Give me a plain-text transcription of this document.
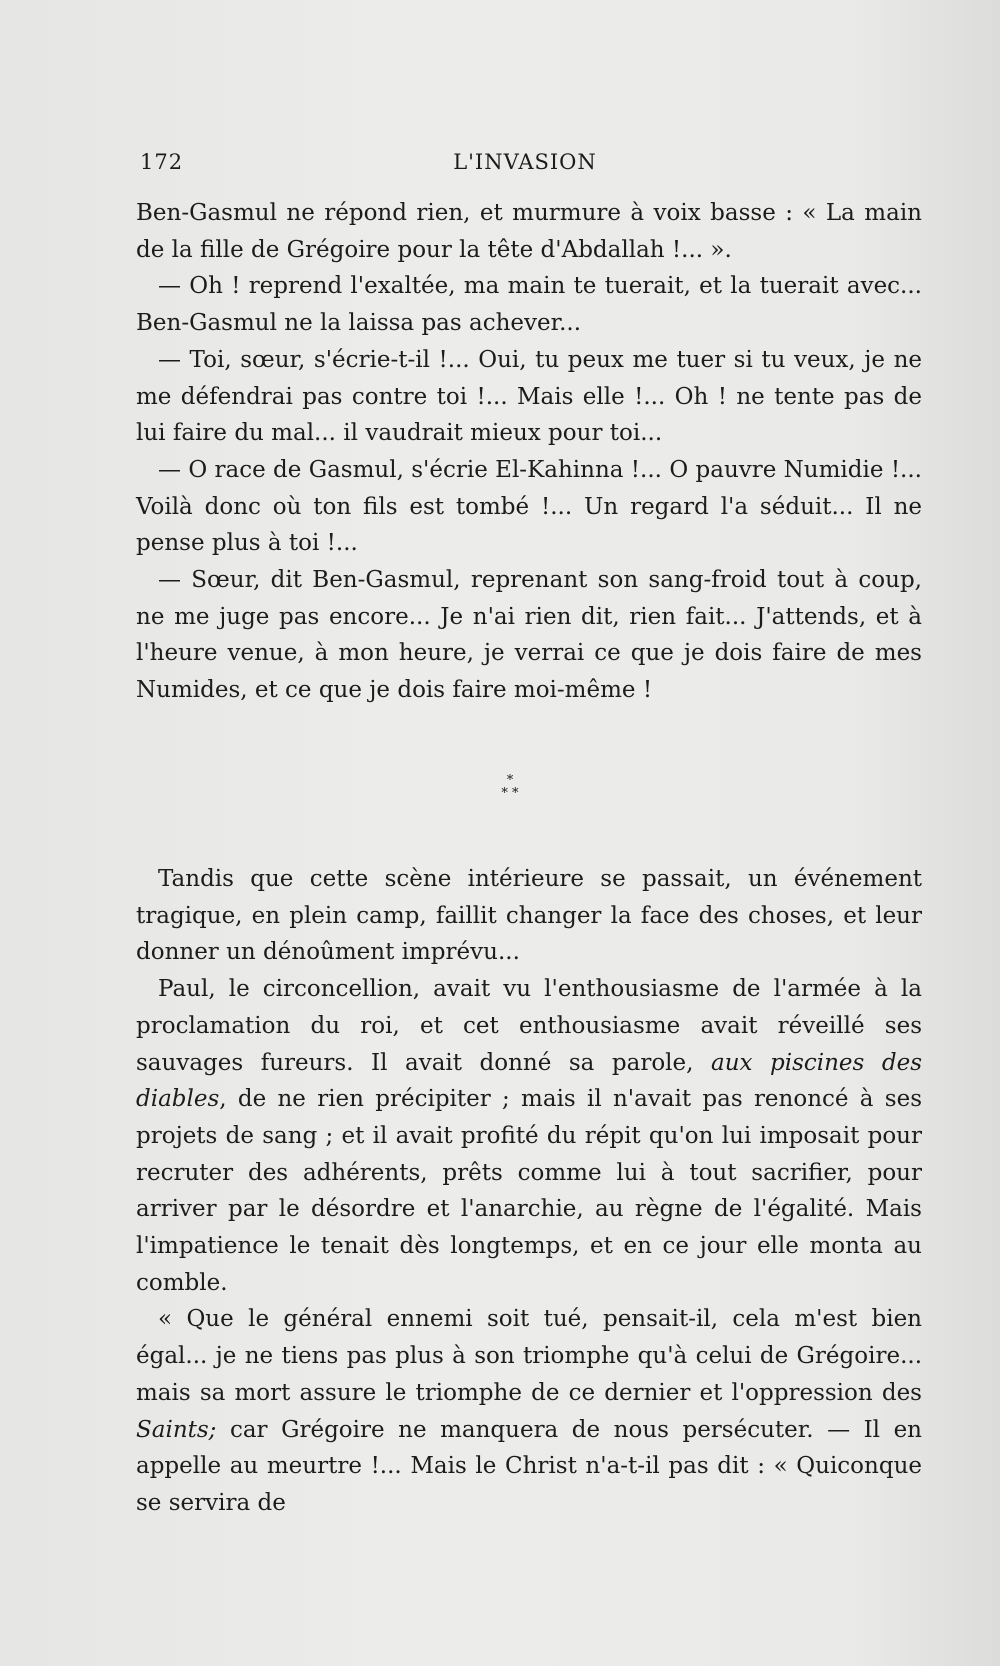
172	L'INVASION

Ben-Gasmul ne répond rien, et murmure à voix basse : « La main de la fille de Grégoire pour la tête d'Abdallah !... ».

— Oh ! reprend l'exaltée, ma main te tuerait, et la tuerait avec... Ben-Gasmul ne la laissa pas achever...

— Toi, sœur, s'écrie-t-il !... Oui, tu peux me tuer si tu veux, je ne me défendrai pas contre toi !... Mais elle !... Oh ! ne tente pas de lui faire du mal... il vaudrait mieux pour toi...

— O race de Gasmul, s'écrie El-Kahinna !... O pauvre Numidie !... Voilà donc où ton fils est tombé !... Un regard l'a séduit... Il ne pense plus à toi !...

— Sœur, dit Ben-Gasmul, reprenant son sang-froid tout à coup, ne me juge pas encore... Je n'ai rien dit, rien fait... J'attends, et à l'heure venue, à mon heure, je verrai ce que je dois faire de mes Numides, et ce que je dois faire moi-même !

*
* *

Tandis que cette scène intérieure se passait, un événement tragique, en plein camp, faillit changer la face des choses, et leur donner un dénoûment imprévu...

Paul, le circoncellion, avait vu l'enthousiasme de l'armée à la proclamation du roi, et cet enthousiasme avait réveillé ses sauvages fureurs. Il avait donné sa parole, aux piscines des diables, de ne rien précipiter ; mais il n'avait pas renoncé à ses projets de sang ; et il avait profité du répit qu'on lui imposait pour recruter des adhérents, prêts comme lui à tout sacrifier, pour arriver par le désordre et l'anarchie, au règne de l'égalité. Mais l'impatience le tenait dès longtemps, et en ce jour elle monta au comble.

« Que le général ennemi soit tué, pensait-il, cela m'est bien égal... je ne tiens pas plus à son triomphe qu'à celui de Grégoire... mais sa mort assure le triomphe de ce dernier et l'oppression des Saints; car Grégoire ne manquera de nous persécuter. — Il en appelle au meurtre !... Mais le Christ n'a-t-il pas dit : « Quiconque se servira de
